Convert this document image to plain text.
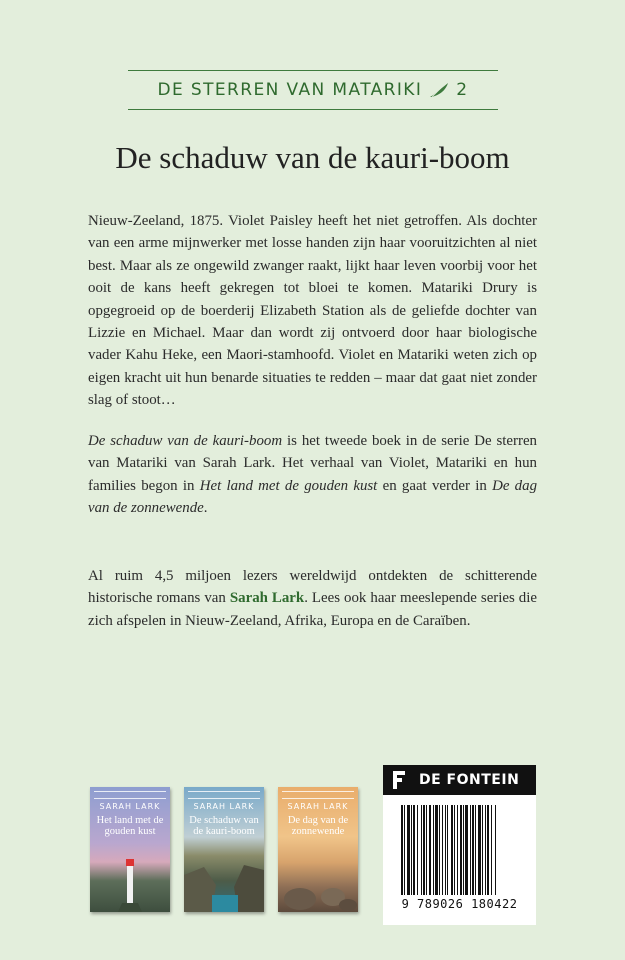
DE STERREN VAN MATARIKI 2
De schaduw van de kauri-boom
Nieuw-Zeeland, 1875. Violet Paisley heeft het niet getroffen. Als dochter van een arme mijnwerker met losse handen zijn haar vooruitzichten al niet best. Maar als ze ongewild zwanger raakt, lijkt haar leven voorbij voor het ooit de kans heeft gekregen tot bloei te komen. Matariki Drury is opgegroeid op de boerderij Elizabeth Station als de geliefde dochter van Lizzie en Michael. Maar dan wordt zij ontvoerd door haar biologische vader Kahu Heke, een Maori-stamhoofd. Violet en Matariki weten zich op eigen kracht uit hun benarde situaties te redden – maar dat gaat niet zonder slag of stoot…
De schaduw van de kauri-boom is het tweede boek in de serie De sterren van Matariki van Sarah Lark. Het verhaal van Violet, Matariki en hun families begon in Het land met de gouden kust en gaat verder in De dag van de zonnewende.
Al ruim 4,5 miljoen lezers wereldwijd ontdekten de schitterende historische romans van Sarah Lark. Lees ook haar meeslepende series die zich afspelen in Nieuw-Zeeland, Afrika, Europa en de Caraïben.
SARAH LARK
Het land met de gouden kust
SARAH LARK
De schaduw van de kauri-boom
SARAH LARK
De dag van de zonnewende
DE FONTEIN
9 789026 180422
